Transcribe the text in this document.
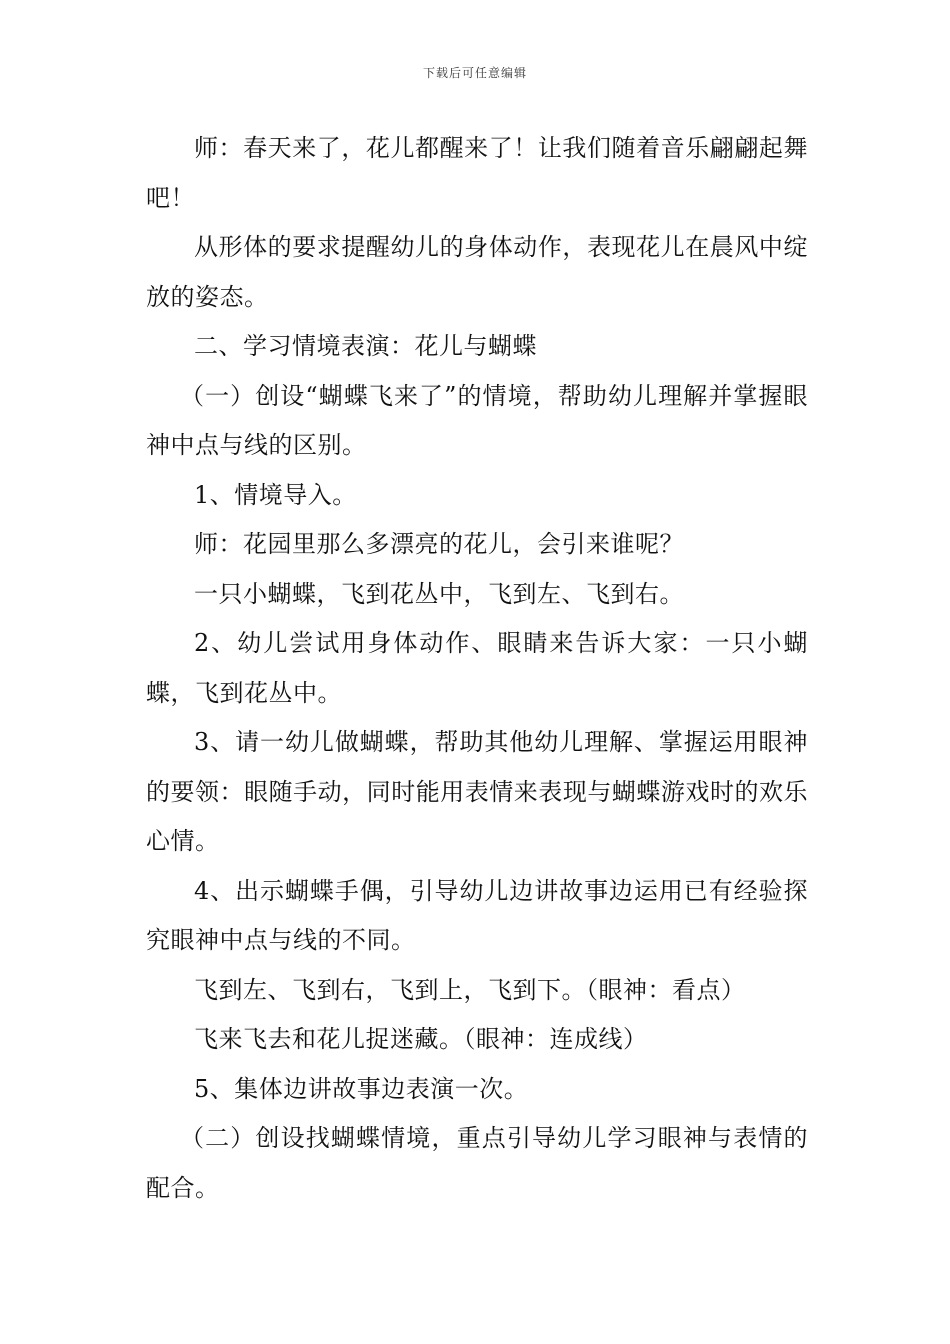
下载后可任意编辑

师：春天来了，花儿都醒来了！让我们随着音乐翩翩起舞吧！

从形体的要求提醒幼儿的身体动作，表现花儿在晨风中绽放的姿态。

二、学习情境表演：花儿与蝴蝶

（一）创设“蝴蝶飞来了”的情境，帮助幼儿理解并掌握眼神中点与线的区别。

1、情境导入。

师：花园里那么多漂亮的花儿，会引来谁呢？

一只小蝴蝶，飞到花丛中，飞到左、飞到右。

2、幼儿尝试用身体动作、眼睛来告诉大家：一只小蝴蝶，飞到花丛中。

3、请一幼儿做蝴蝶，帮助其他幼儿理解、掌握运用眼神的要领：眼随手动，同时能用表情来表现与蝴蝶游戏时的欢乐心情。

4、出示蝴蝶手偶，引导幼儿边讲故事边运用已有经验探究眼神中点与线的不同。

飞到左、飞到右，飞到上，飞到下。（眼神：看点）

飞来飞去和花儿捉迷藏。（眼神：连成线）

5、集体边讲故事边表演一次。

（二）创设找蝴蝶情境，重点引导幼儿学习眼神与表情的配合。
